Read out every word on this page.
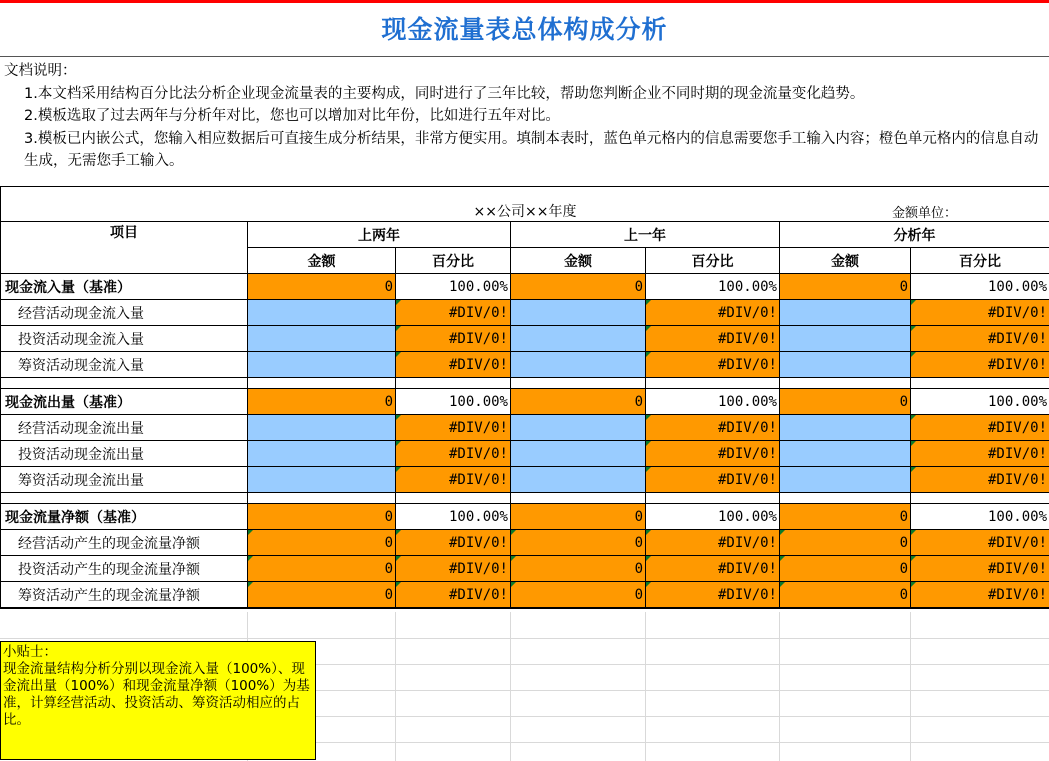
现金流量表总体构成分析
文档说明：
1.本文档采用结构百分比法分析企业现金流量表的主要构成，同时进行了三年比较，帮助您判断企业不同时期的现金流量变化趋势。
2.模板选取了过去两年与分析年对比，您也可以增加对比年份，比如进行五年对比。
3.模板已内嵌公式，您输入相应数据后可直接生成分析结果，非常方便实用。填制本表时，蓝色单元格内的信息需要您手工输入内容；橙色单元格内的信息自动生成，无需您手工输入。
××公司××年度 金额单位：						

项目	上两年		上一年		分析年	
	金额	百分比	金额	百分比	金额	百分比
现金流入量（基准）	0	100.00%	0	100.00%	0	100.00%
经营活动现金流入量		#DIV/0!		#DIV/0!		#DIV/0!
投资活动现金流入量		#DIV/0!		#DIV/0!		#DIV/0!
筹资活动现金流入量		#DIV/0!		#DIV/0!		#DIV/0!

现金流出量（基准）	0	100.00%	0	100.00%	0	100.00%
经营活动现金流出量		#DIV/0!		#DIV/0!		#DIV/0!
投资活动现金流出量		#DIV/0!		#DIV/0!		#DIV/0!
筹资活动现金流出量		#DIV/0!		#DIV/0!		#DIV/0!

现金流量净额（基准）	0	100.00%	0	100.00%	0	100.00%
经营活动产生的现金流量净额	0	#DIV/0!	0	#DIV/0!	0	#DIV/0!
投资活动产生的现金流量净额	0	#DIV/0!	0	#DIV/0!	0	#DIV/0!
筹资活动产生的现金流量净额	0	#DIV/0!	0	#DIV/0!	0	#DIV/0!
小贴士：
现金流量结构分析分别以现金流入量（100%）、现金流出量（100%）和现金流量净额（100%）为基准，计算经营活动、投资活动、筹资活动相应的占比。
